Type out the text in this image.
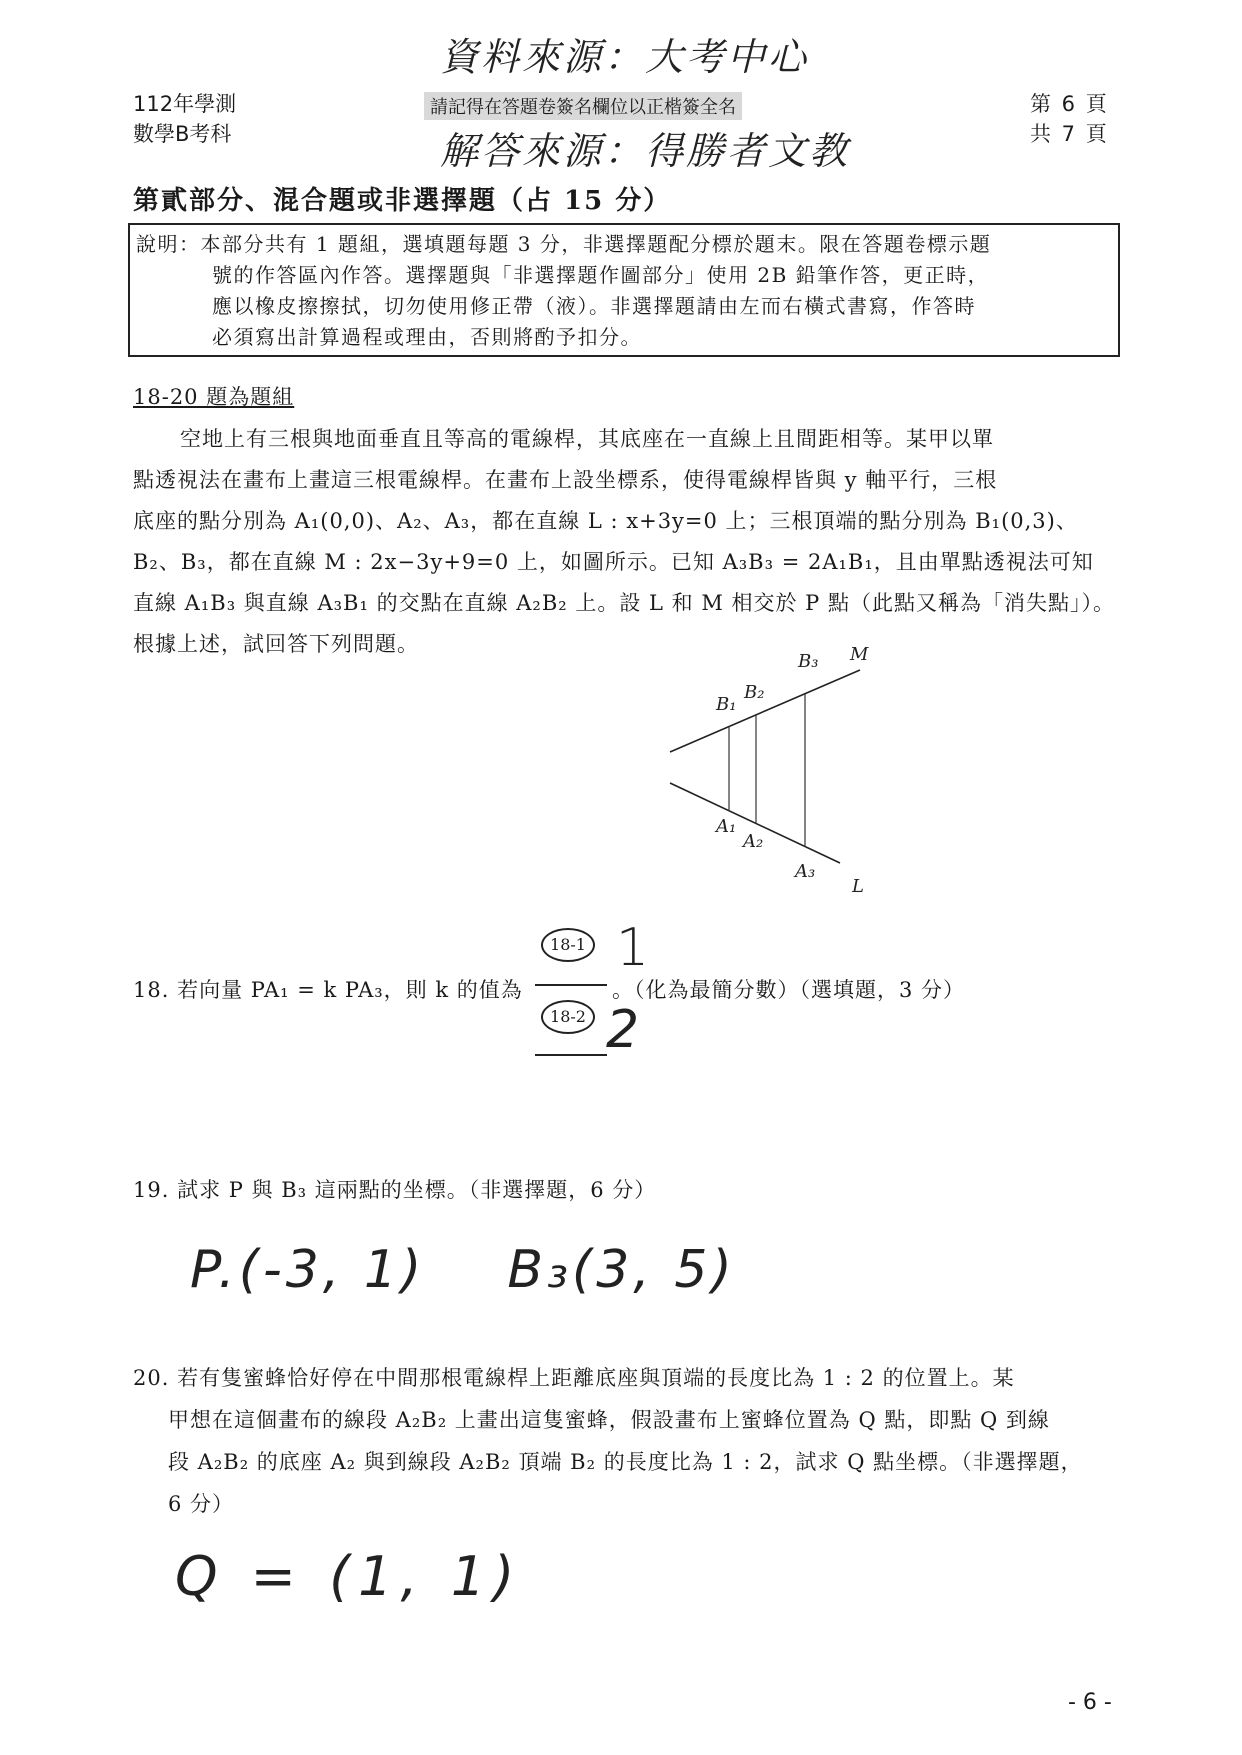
112年學測
數學B考科
資料來源：大考中心
請記得在答題卷簽名欄位以正楷簽全名
解答來源：得勝者文教
第 6 頁
共 7 頁
第貳部分、混合題或非選擇題（占 15 分）
說明：本部分共有 1 題組，選填題每題 3 分，非選擇題配分標於題末。限在答題卷標示題
號的作答區內作答。選擇題與「非選擇題作圖部分」使用 2B 鉛筆作答，更正時，
應以橡皮擦擦拭，切勿使用修正帶（液）。非選擇題請由左而右橫式書寫，作答時
必須寫出計算過程或理由，否則將酌予扣分。
18-20 題為題組
空地上有三根與地面垂直且等高的電線桿，其底座在一直線上且間距相等。某甲以單
點透視法在畫布上畫這三根電線桿。在畫布上設坐標系，使得電線桿皆與 y 軸平行，三根
底座的點分別為 A₁(0,0)、A₂、A₃，都在直線 L : x+3y=0 上；三根頂端的點分別為 B₁(0,3)、
B₂、B₃，都在直線 M : 2x−3y+9=0 上，如圖所示。已知 A₃B₃ = 2A₁B₁，且由單點透視法可知
直線 A₁B₃ 與直線 A₃B₁ 的交點在直線 A₂B₂ 上。設 L 和 M 相交於 P 點（此點又稱為「消失點」）。
根據上述，試回答下列問題。
B₁
B₂
B₃ M
A₁
A₂
A₃
L
18. 若向量 PA₁ = k PA₃，則 k 的值為
18-1
18-2
1
2
。（化為最簡分數）（選填題，3 分）
19. 試求 P 與 B₃ 這兩點的坐標。（非選擇題，6 分）
P.(-3, 1)    B₃(3, 5)
20. 若有隻蜜蜂恰好停在中間那根電線桿上距離底座與頂端的長度比為 1 : 2 的位置上。某
甲想在這個畫布的線段 A₂B₂ 上畫出這隻蜜蜂，假設畫布上蜜蜂位置為 Q 點，即點 Q 到線
段 A₂B₂ 的底座 A₂ 與到線段 A₂B₂ 頂端 B₂ 的長度比為 1 : 2，試求 Q 點坐標。（非選擇題，
6 分）
Q = (1, 1)
- 6 -
